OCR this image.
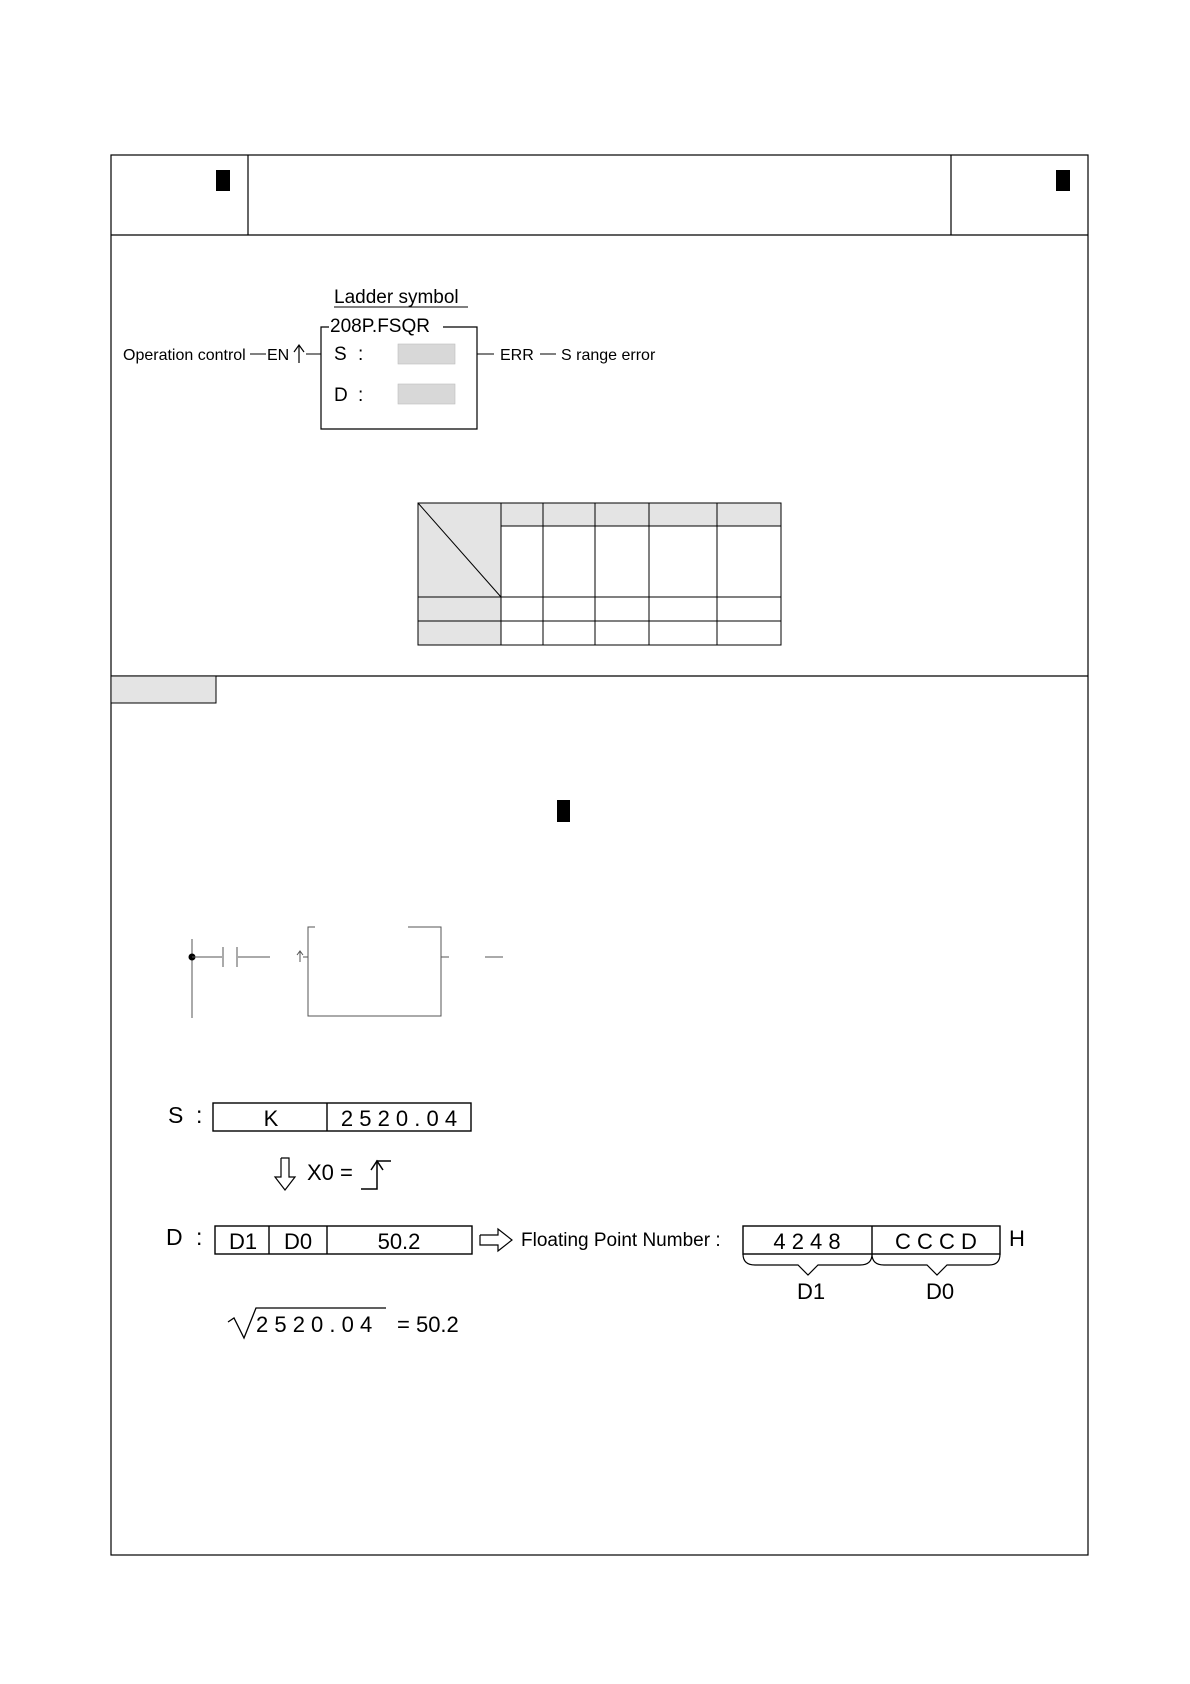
Ladder symbol
208P.FSQR
Operation control EN S :
D :
ERR S range error
S :	K	2 5 2 0 . 0 4
X0 =
D : D1 D0	50.2	Floating Point Number : 4 2 4 8 C C C D H
D1	D0
2 5 2 0 . 0 4 = 50.2
